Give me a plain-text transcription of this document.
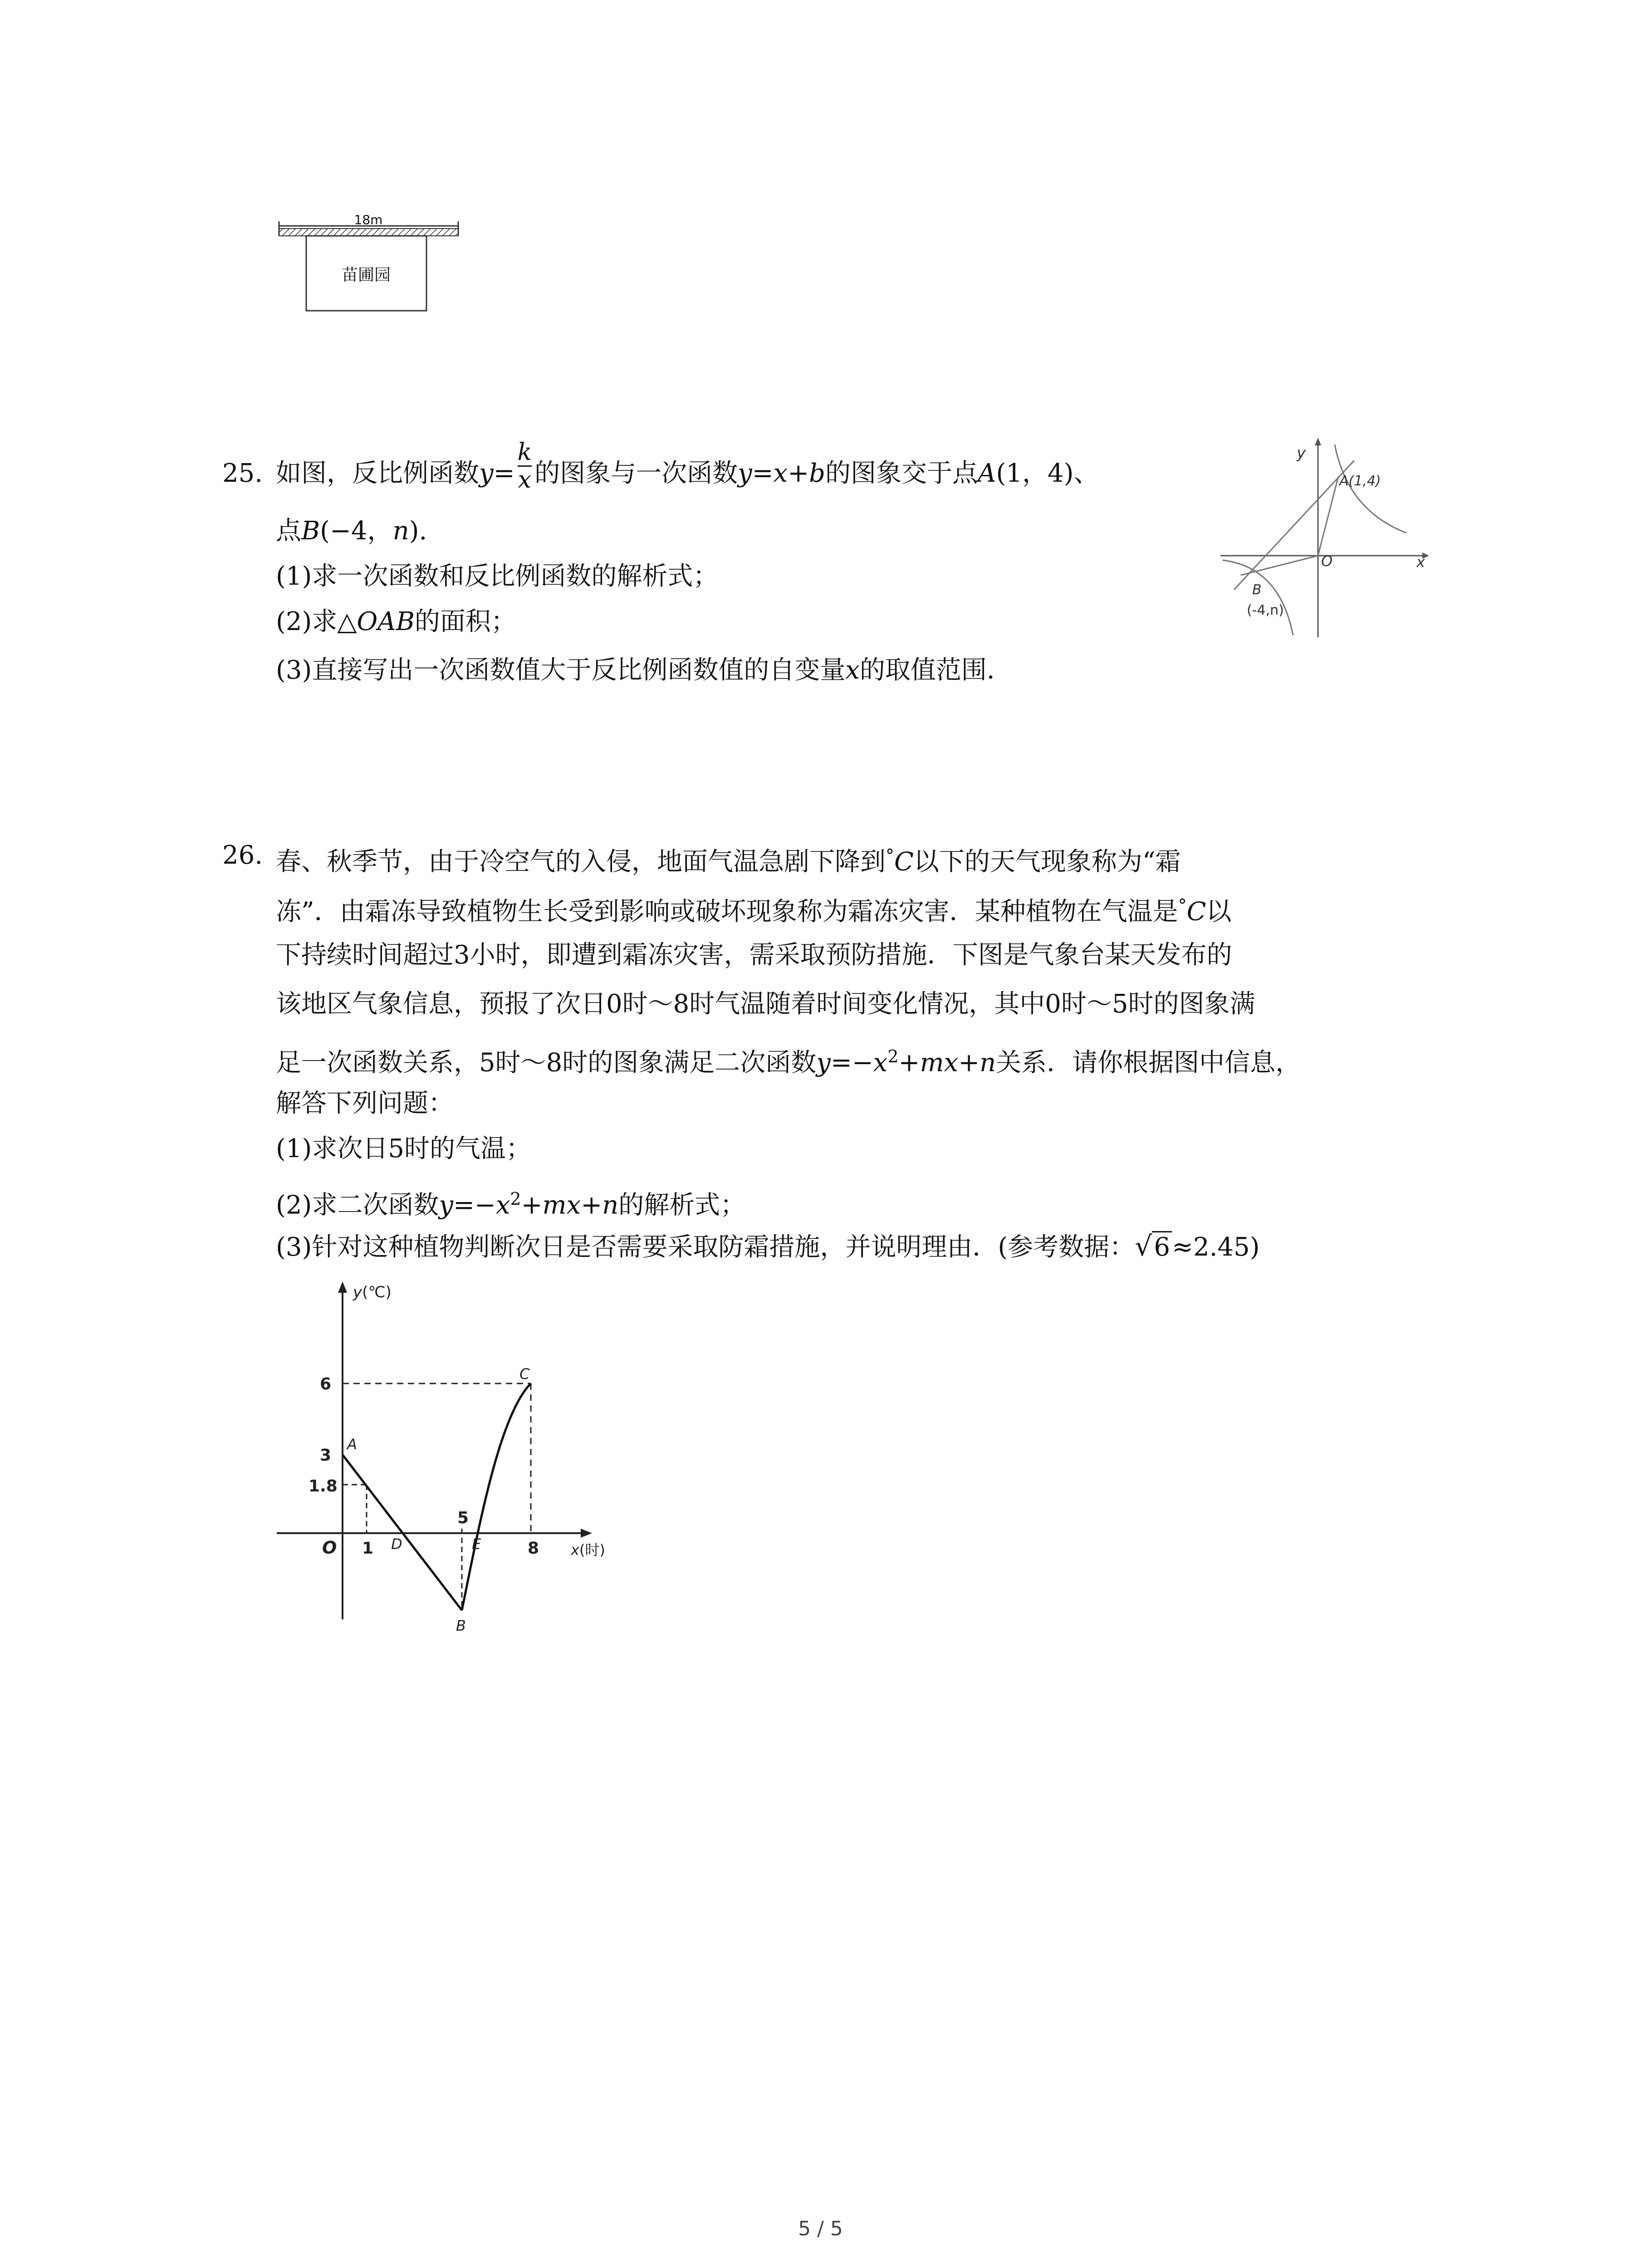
18m
苗圃园
25. 如图，反比例函数$y= \frac{k}{x}$ 的图象与一次函数y=x+b的图象交于点A(1，4)、
点B(−4，n).
(1)求一次函数和反比例函数的解析式；
(2)求△OAB的面积；
(3)直接写出一次函数值大于反比例函数值的自变量x的取值范围．
y
x
O
A(1,4)
B
(-4,n)
26. 春、秋季节，由于冷空气的入侵，地面气温急剧下降到°C以下的天气现象称为“霜
冻”．由霜冻导致植物生长受到影响或破坏现象称为霜冻灾害．某种植物在气温是°C以
下持续时间超过3小时，即遭到霜冻灾害，需采取预防措施．下图是气象台某天发布的
该地区气象信息，预报了次日0时～8时气温随着时间变化情况，其中0时～5时的图象满
足一次函数关系，5时～8时的图象满足二次函数$y=-x^2+mx+n$关系．请你根据图中信息，
解答下列问题：
(1)求次日5时的气温；
(2)求二次函数$y=-x^2+mx+n$的解析式；
(3)针对这种植物判断次日是否需要采取防霜措施，并说明理由．(参考数据：√6≈2.45)
y(℃)
x(时)
O
6
3
1.8
1
5
8
A
B
C
D	E
5 / 5
